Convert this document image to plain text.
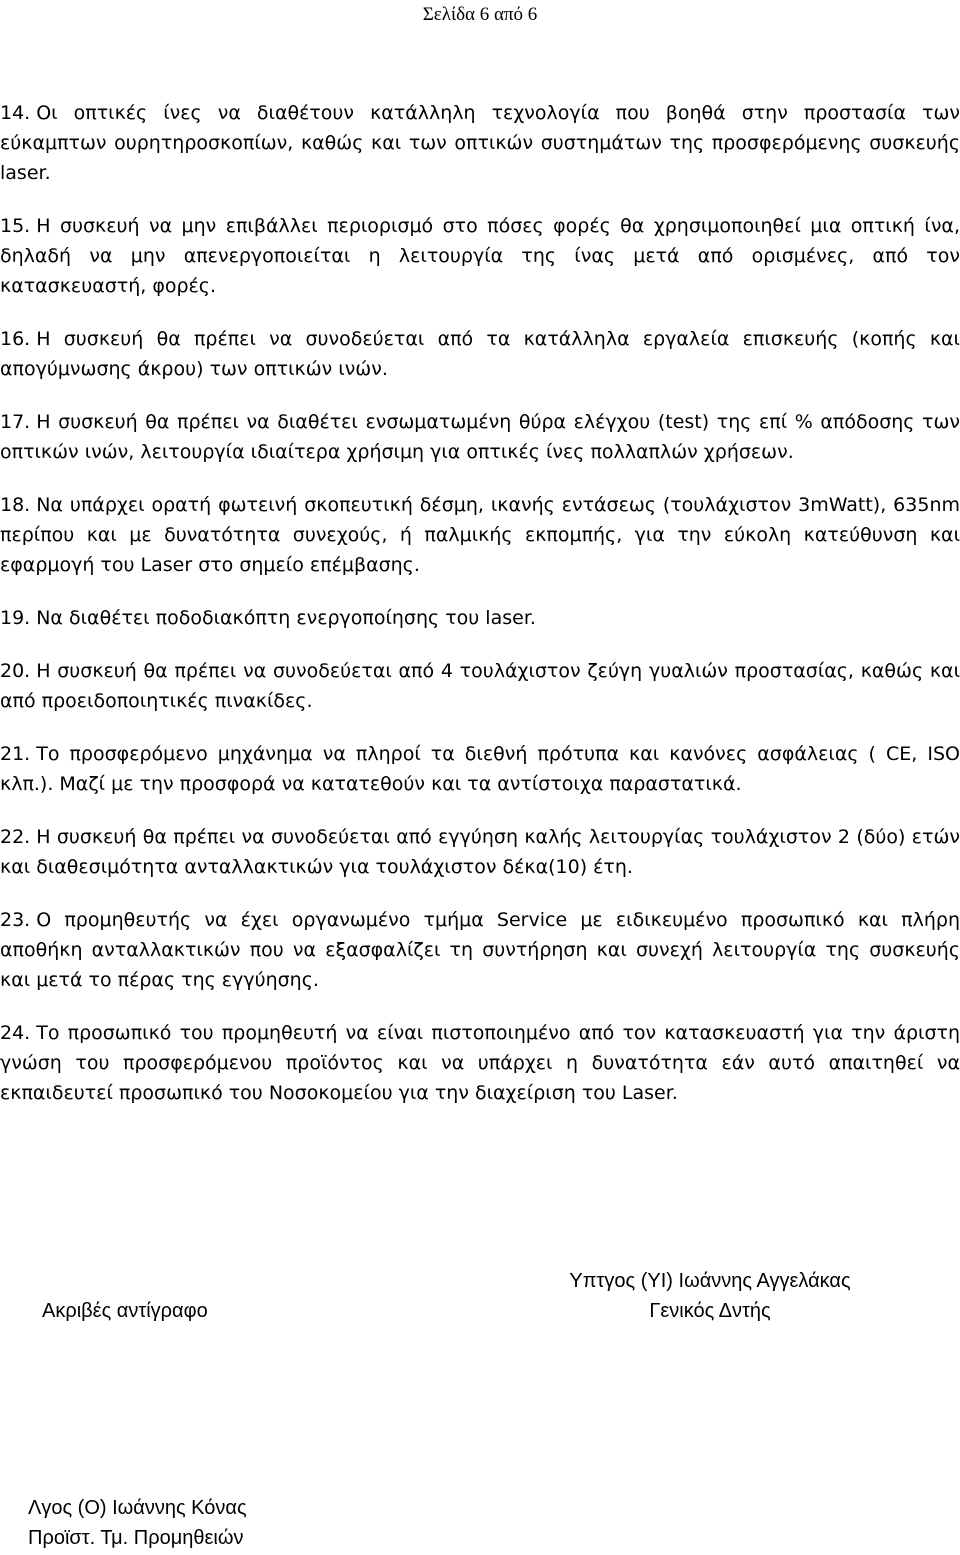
Σελίδα 6 από 6

14. Οι οπτικές ίνες να διαθέτουν κατάλληλη τεχνολογία που βοηθά στην προστασία των εύκαμπτων ουρητηροσκοπίων, καθώς και των οπτικών συστημάτων της προσφερόμενης συσκευής laser.

15. Η συσκευή να μην επιβάλλει περιορισμό στο πόσες φορές θα χρησιμοποιηθεί μια οπτική ίνα, δηλαδή να μην απενεργοποιείται η λειτουργία της ίνας μετά από ορισμένες, από τον κατασκευαστή, φορές.

16. Η συσκευή θα πρέπει να συνοδεύεται από τα κατάλληλα εργαλεία επισκευής (κοπής και απογύμνωσης άκρου) των οπτικών ινών.

17. Η συσκευή θα πρέπει να διαθέτει ενσωματωμένη θύρα ελέγχου (test) της επί % απόδοσης των οπτικών ινών, λειτουργία ιδιαίτερα χρήσιμη για οπτικές ίνες πολλαπλών χρήσεων.

18. Να υπάρχει ορατή φωτεινή σκοπευτική δέσμη, ικανής εντάσεως (τουλάχιστον 3mWatt), 635nm περίπου και με δυνατότητα συνεχούς, ή παλμικής εκπομπής, για την εύκολη κατεύθυνση και εφαρμογή του Laser στο σημείο επέμβασης.

19. Να διαθέτει ποδοδιακόπτη ενεργοποίησης του laser.

20. Η συσκευή θα πρέπει να συνοδεύεται από 4 τουλάχιστον ζεύγη γυαλιών προστασίας, καθώς και από προειδοποιητικές πινακίδες.

21. Το προσφερόμενο μηχάνημα να πληροί τα διεθνή πρότυπα και κανόνες ασφάλειας ( CE, ISO κλπ.). Μαζί με την προσφορά να κατατεθούν και τα αντίστοιχα παραστατικά.

22. Η συσκευή θα πρέπει να συνοδεύεται από εγγύηση καλής λειτουργίας τουλάχιστον 2 (δύο) ετών και διαθεσιμότητα ανταλλακτικών για τουλάχιστον δέκα(10) έτη.

23. Ο προμηθευτής να έχει οργανωμένο τμήμα Service με ειδικευμένο προσωπικό και πλήρη αποθήκη ανταλλακτικών που να εξασφαλίζει τη συντήρηση και συνεχή λειτουργία της συσκευής και μετά το πέρας της εγγύησης.

24. Το προσωπικό του προμηθευτή να είναι πιστοποιημένο από τον κατασκευαστή για την άριστη γνώση του προσφερόμενου προϊόντος και να υπάρχει η δυνατότητα εάν αυτό απαιτηθεί να εκπαιδευτεί προσωπικό του Νοσοκομείου για την διαχείριση του Laser.

Υπτγος (ΥΙ) Ιωάννης Αγγελάκας
Γενικός Δντής
Ακριβές αντίγραφο
Λγος (Ο) Ιωάννης Κόνας
Προϊστ. Τμ. Προμηθειών
